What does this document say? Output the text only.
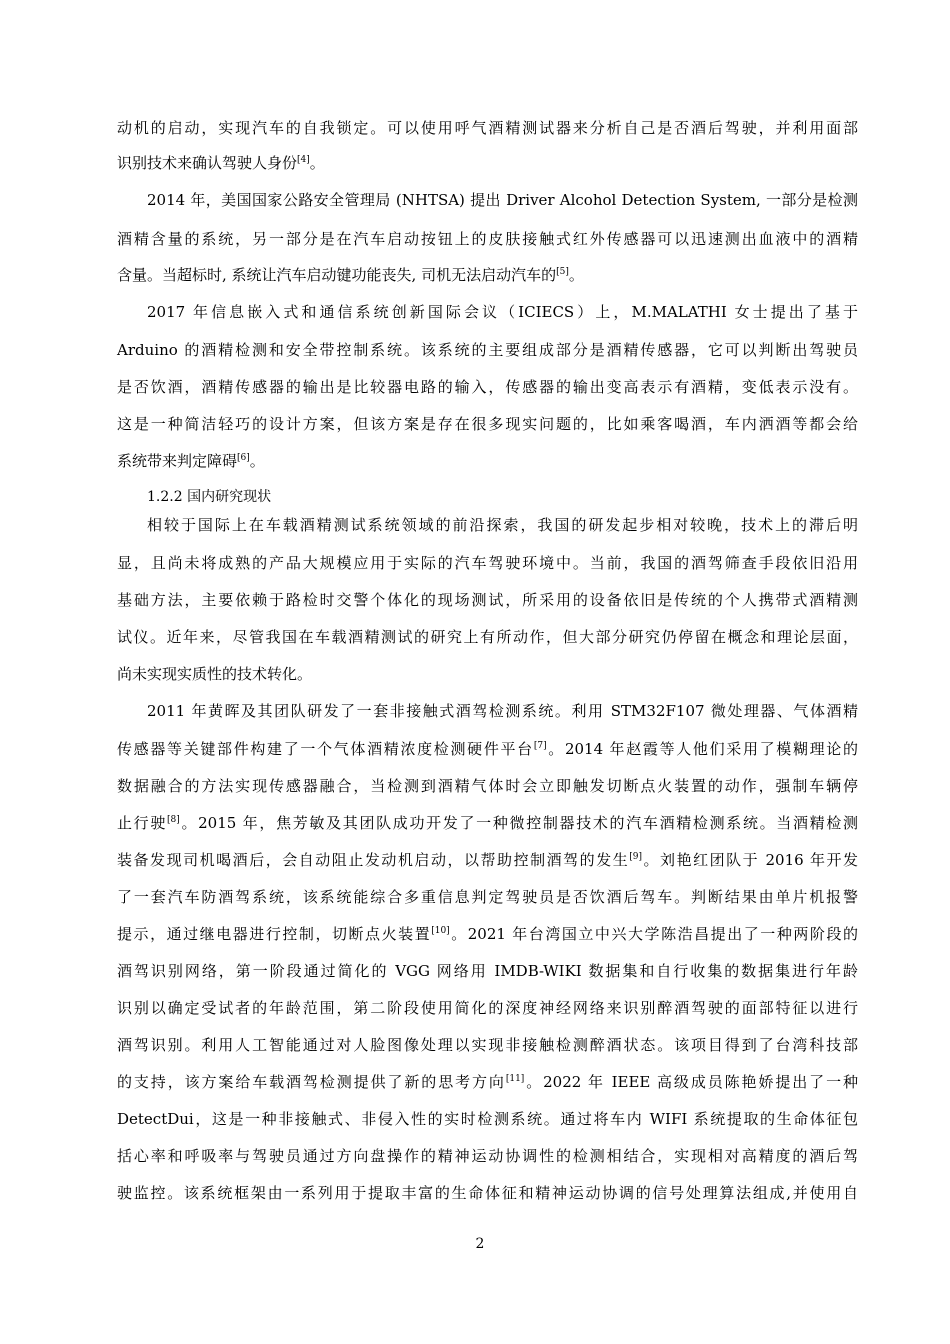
动机的启动，实现汽车的自我锁定。可以使用呼气酒精测试器来分析自己是否酒后驾驶，并利用面部
识别技术来确认驾驶人身份[4]。
2014 年，美国国家公路安全管理局 (NHTSA) 提出 Driver Alcohol Detection System, 一部分是检测
酒精含量的系统，另一部分是在汽车启动按钮上的皮肤接触式红外传感器可以迅速测出血液中的酒精
含量。当超标时, 系统让汽车启动键功能丧失, 司机无法启动汽车的[5]。
2017 年信息嵌入式和通信系统创新国际会议（ICIECS）上，M.MALATHI 女士提出了基于
Arduino 的酒精检测和安全带控制系统。该系统的主要组成部分是酒精传感器，它可以判断出驾驶员
是否饮酒，酒精传感器的输出是比较器电路的输入，传感器的输出变高表示有酒精，变低表示没有。
这是一种简洁轻巧的设计方案，但该方案是存在很多现实问题的，比如乘客喝酒，车内洒酒等都会给
系统带来判定障碍[6]。
1.2.2 国内研究现状
相较于国际上在车载酒精测试系统领域的前沿探索，我国的研发起步相对较晚，技术上的滞后明
显，且尚未将成熟的产品大规模应用于实际的汽车驾驶环境中。当前，我国的酒驾筛查手段依旧沿用
基础方法，主要依赖于路检时交警个体化的现场测试，所采用的设备依旧是传统的个人携带式酒精测
试仪。近年来，尽管我国在车载酒精测试的研究上有所动作，但大部分研究仍停留在概念和理论层面，
尚未实现实质性的技术转化。
2011 年黄晖及其团队研发了一套非接触式酒驾检测系统。利用 STM32F107 微处理器、气体酒精
传感器等关键部件构建了一个气体酒精浓度检测硬件平台[7]。2014 年赵霞等人他们采用了模糊理论的
数据融合的方法实现传感器融合，当检测到酒精气体时会立即触发切断点火装置的动作，强制车辆停
止行驶[8]。2015 年，焦芳敏及其团队成功开发了一种微控制器技术的汽车酒精检测系统。当酒精检测
装备发现司机喝酒后，会自动阻止发动机启动，以帮助控制酒驾的发生[9]。刘艳红团队于 2016 年开发
了一套汽车防酒驾系统，该系统能综合多重信息判定驾驶员是否饮酒后驾车。判断结果由单片机报警
提示，通过继电器进行控制，切断点火装置[10]。2021 年台湾国立中兴大学陈浩昌提出了一种两阶段的
酒驾识别网络，第一阶段通过简化的 VGG 网络用 IMDB-WIKI 数据集和自行收集的数据集进行年龄
识别以确定受试者的年龄范围，第二阶段使用简化的深度神经网络来识别醉酒驾驶的面部特征以进行
酒驾识别。利用人工智能通过对人脸图像处理以实现非接触检测醉酒状态。该项目得到了台湾科技部
的支持，该方案给车载酒驾检测提供了新的思考方向[11]。2022 年 IEEE 高级成员陈艳娇提出了一种
DetectDui，这是一种非接触式、非侵入性的实时检测系统。通过将车内 WIFI 系统提取的生命体征包
括心率和呼吸率与驾驶员通过方向盘操作的精神运动协调性的检测相结合，实现相对高精度的酒后驾
驶监控。该系统框架由一系列用于提取丰富的生命体征和精神运动协调的信号处理算法组成,并使用自
2
